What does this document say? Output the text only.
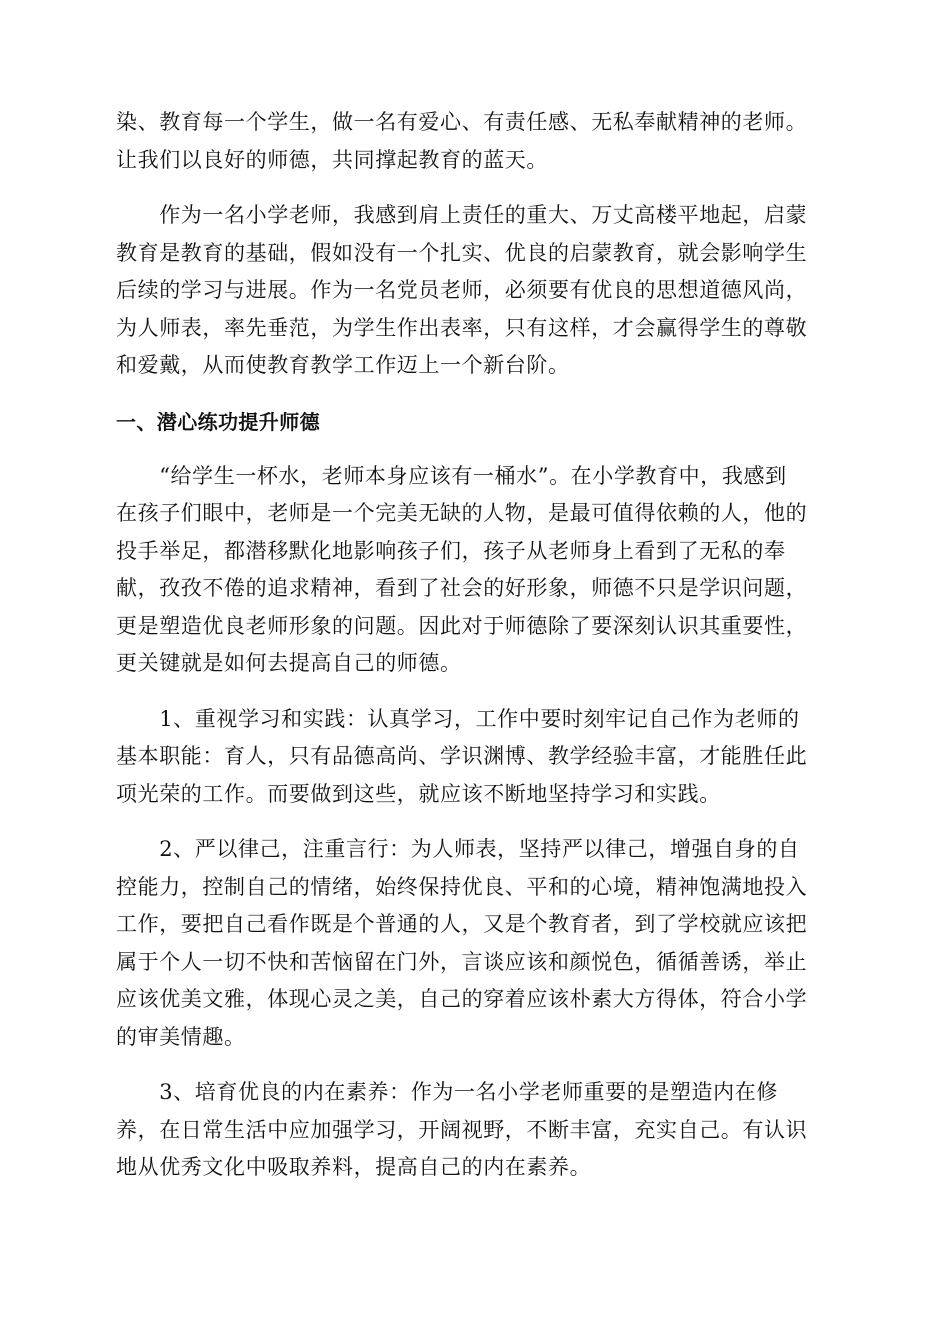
染、教育每一个学生，做一名有爱心、有责任感、无私奉献精神的老师。
让我们以良好的师德，共同撑起教育的蓝天。

　　作为一名小学老师，我感到肩上责任的重大、万丈高楼平地起，启蒙
教育是教育的基础，假如没有一个扎实、优良的启蒙教育，就会影响学生
后续的学习与进展。作为一名党员老师，必须要有优良的思想道德风尚，
为人师表，率先垂范，为学生作出表率，只有这样，才会赢得学生的尊敬
和爱戴，从而使教育教学工作迈上一个新台阶。

一、潜心练功提升师德

　　“给学生一杯水，老师本身应该有一桶水”。在小学教育中，我感到
在孩子们眼中，老师是一个完美无缺的人物，是最可值得依赖的人，他的
投手举足，都潜移默化地影响孩子们，孩子从老师身上看到了无私的奉
献，孜孜不倦的追求精神，看到了社会的好形象，师德不只是学识问题，
更是塑造优良老师形象的问题。因此对于师德除了要深刻认识其重要性，
更关键就是如何去提高自己的师德。

　　1、重视学习和实践：认真学习，工作中要时刻牢记自己作为老师的
基本职能：育人，只有品德高尚、学识渊博、教学经验丰富，才能胜任此
项光荣的工作。而要做到这些，就应该不断地坚持学习和实践。

　　2、严以律己，注重言行：为人师表，坚持严以律己，增强自身的自
控能力，控制自己的情绪，始终保持优良、平和的心境，精神饱满地投入
工作，要把自己看作既是个普通的人，又是个教育者，到了学校就应该把
属于个人一切不快和苦恼留在门外，言谈应该和颜悦色，循循善诱，举止
应该优美文雅，体现心灵之美，自己的穿着应该朴素大方得体，符合小学
的审美情趣。

　　3、培育优良的内在素养：作为一名小学老师重要的是塑造内在修
养，在日常生活中应加强学习，开阔视野，不断丰富，充实自己。有认识
地从优秀文化中吸取养料，提高自己的内在素养。
